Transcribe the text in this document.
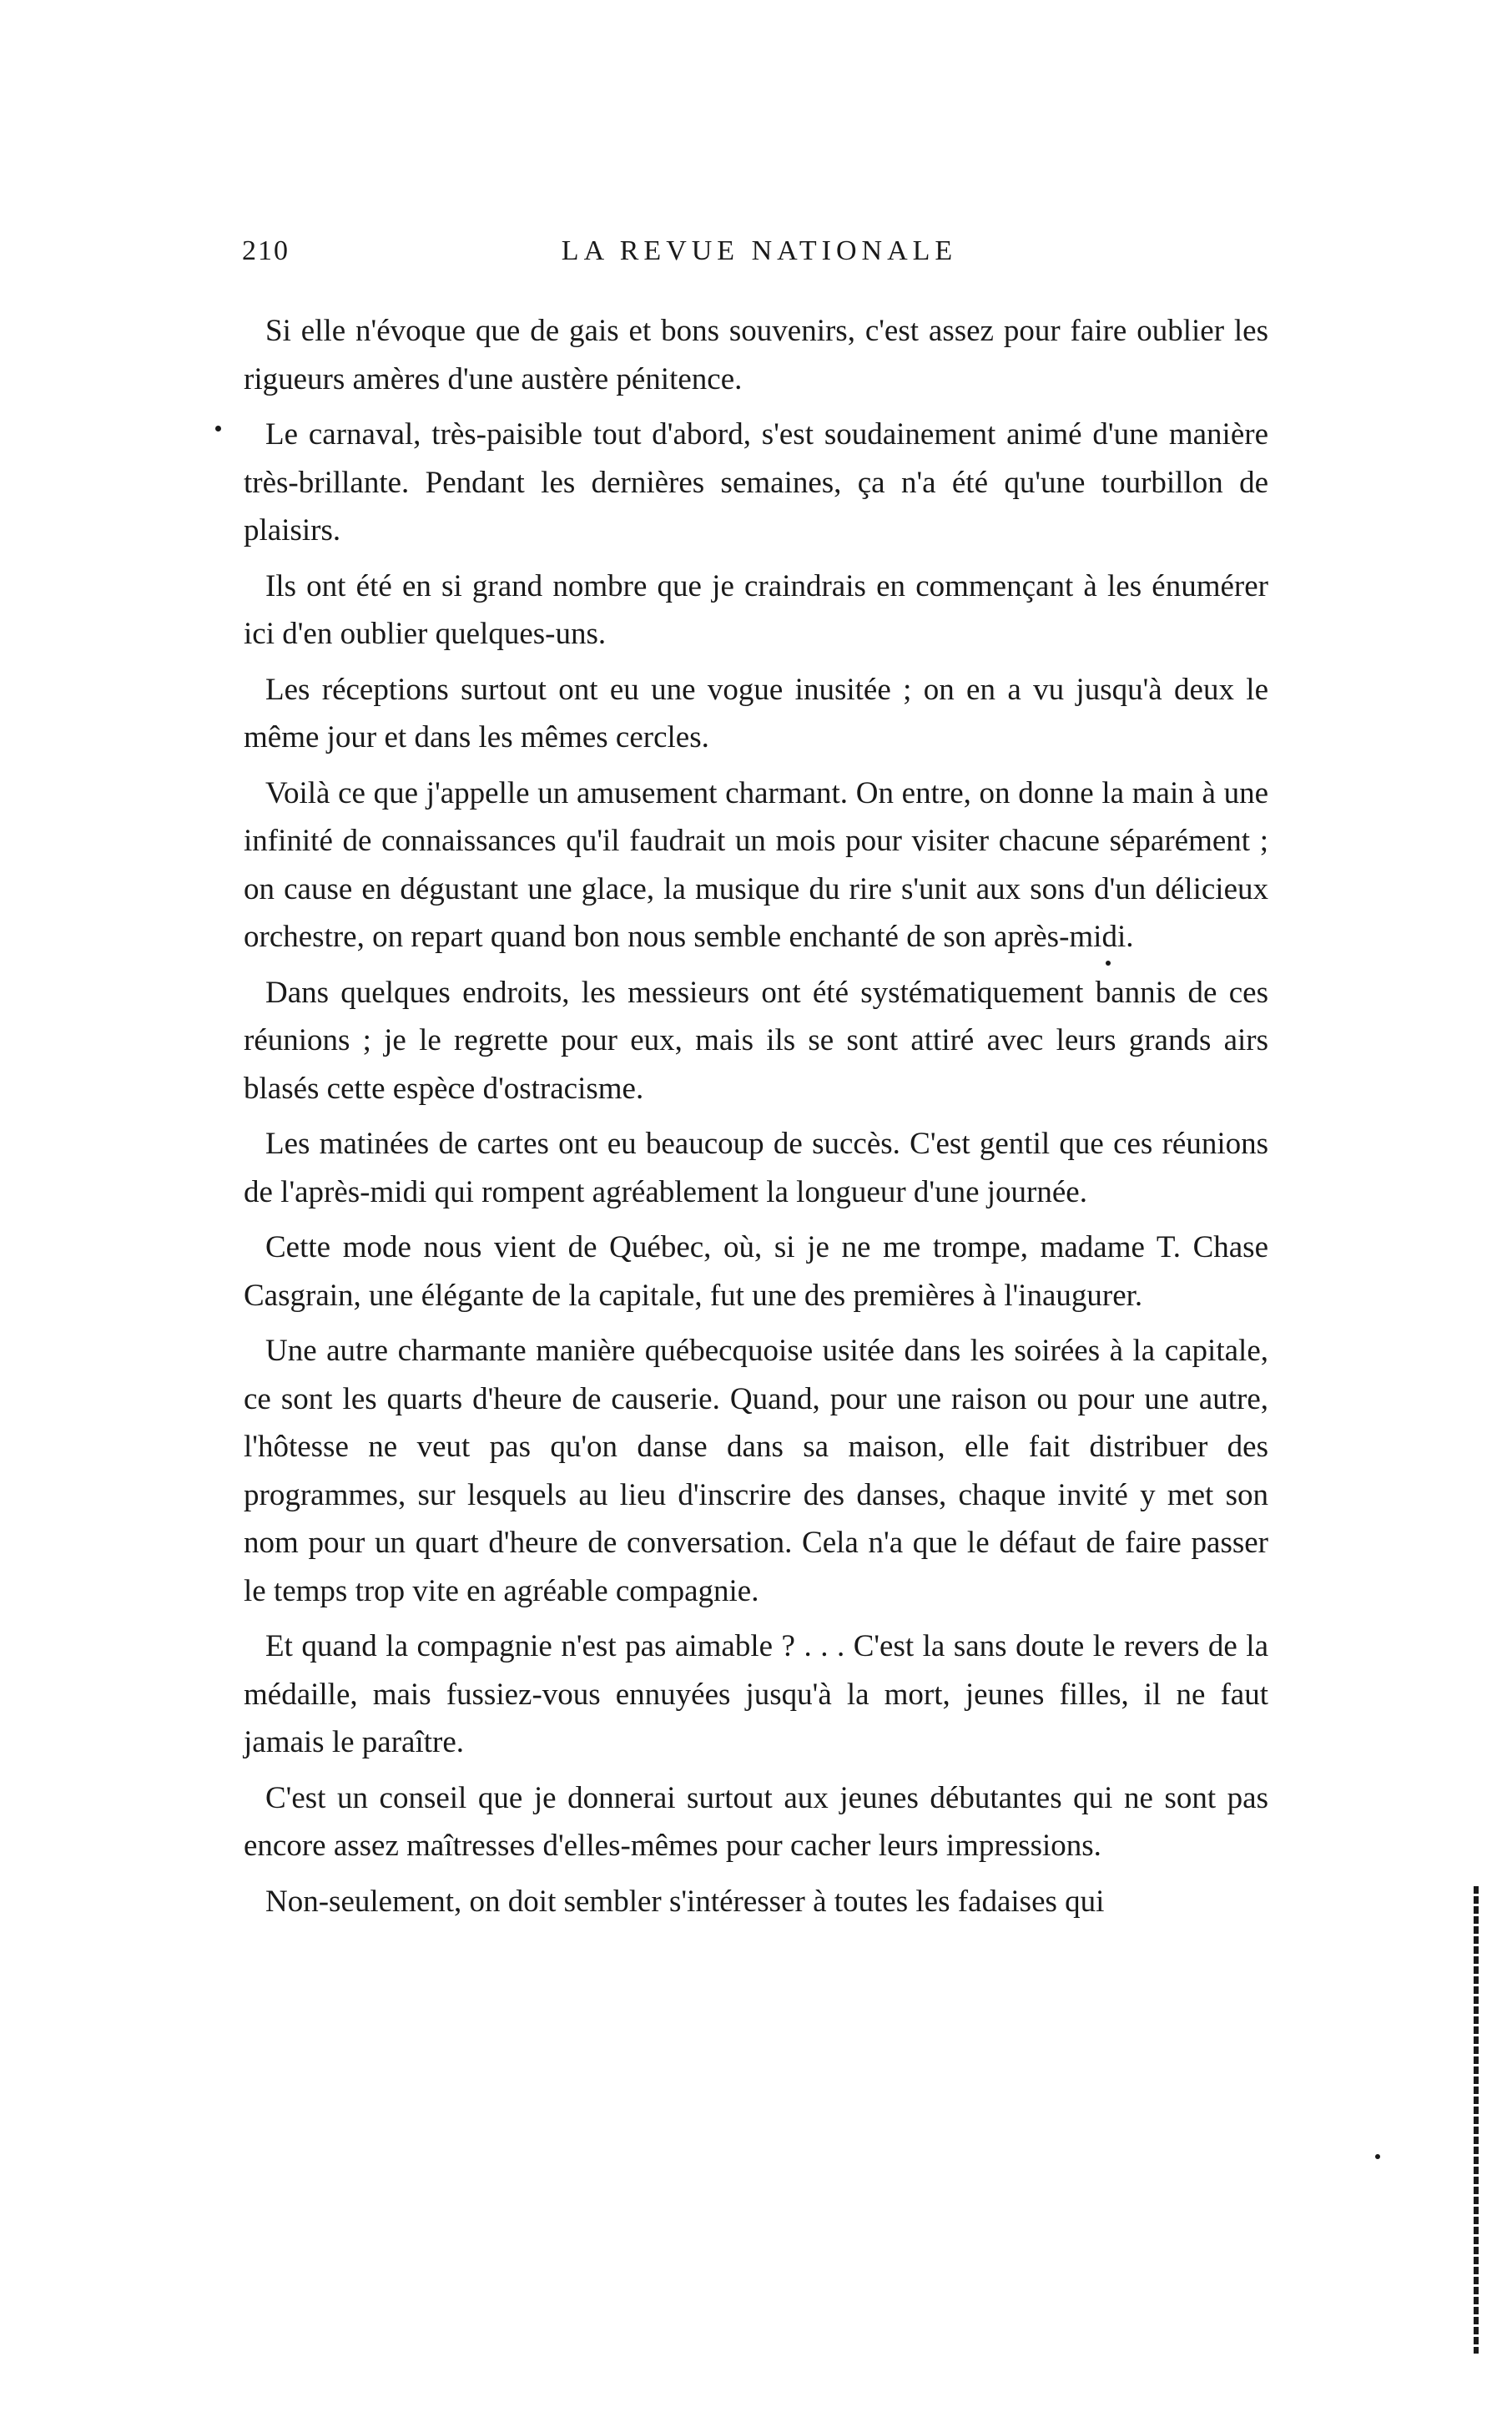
210	LA REVUE NATIONALE

Si elle n'évoque que de gais et bons souvenirs, c'est assez pour faire oublier les rigueurs amères d'une austère pénitence.

Le carnaval, très-paisible tout d'abord, s'est soudainement animé d'une manière très-brillante. Pendant les dernières semaines, ça n'a été qu'une tourbillon de plaisirs.

Ils ont été en si grand nombre que je craindrais en commençant à les énumérer ici d'en oublier quelques-uns.

Les réceptions surtout ont eu une vogue inusitée ; on en a vu jusqu'à deux le même jour et dans les mêmes cercles.

Voilà ce que j'appelle un amusement charmant. On entre, on donne la main à une infinité de connaissances qu'il faudrait un mois pour visiter chacune séparément ; on cause en dégustant une glace, la musique du rire s'unit aux sons d'un délicieux orchestre, on repart quand bon nous semble enchanté de son après-midi.

Dans quelques endroits, les messieurs ont été systématiquement bannis de ces réunions ; je le regrette pour eux, mais ils se sont attiré avec leurs grands airs blasés cette espèce d'ostracisme.

Les matinées de cartes ont eu beaucoup de succès. C'est gentil que ces réunions de l'après-midi qui rompent agréablement la longueur d'une journée.

Cette mode nous vient de Québec, où, si je ne me trompe, madame T. Chase Casgrain, une élégante de la capitale, fut une des premières à l'inaugurer.

Une autre charmante manière québecquoise usitée dans les soirées à la capitale, ce sont les quarts d'heure de causerie. Quand, pour une raison ou pour une autre, l'hôtesse ne veut pas qu'on danse dans sa maison, elle fait distribuer des programmes, sur lesquels au lieu d'inscrire des danses, chaque invité y met son nom pour un quart d'heure de conversation. Cela n'a que le défaut de faire passer le temps trop vite en agréable compagnie.

Et quand la compagnie n'est pas aimable ? . . . C'est la sans doute le revers de la médaille, mais fussiez-vous ennuyées jusqu'à la mort, jeunes filles, il ne faut jamais le paraître.

C'est un conseil que je donnerai surtout aux jeunes débutantes qui ne sont pas encore assez maîtresses d'elles-mêmes pour cacher leurs impressions.

Non-seulement, on doit sembler s'intéresser à toutes les fadaises qui
